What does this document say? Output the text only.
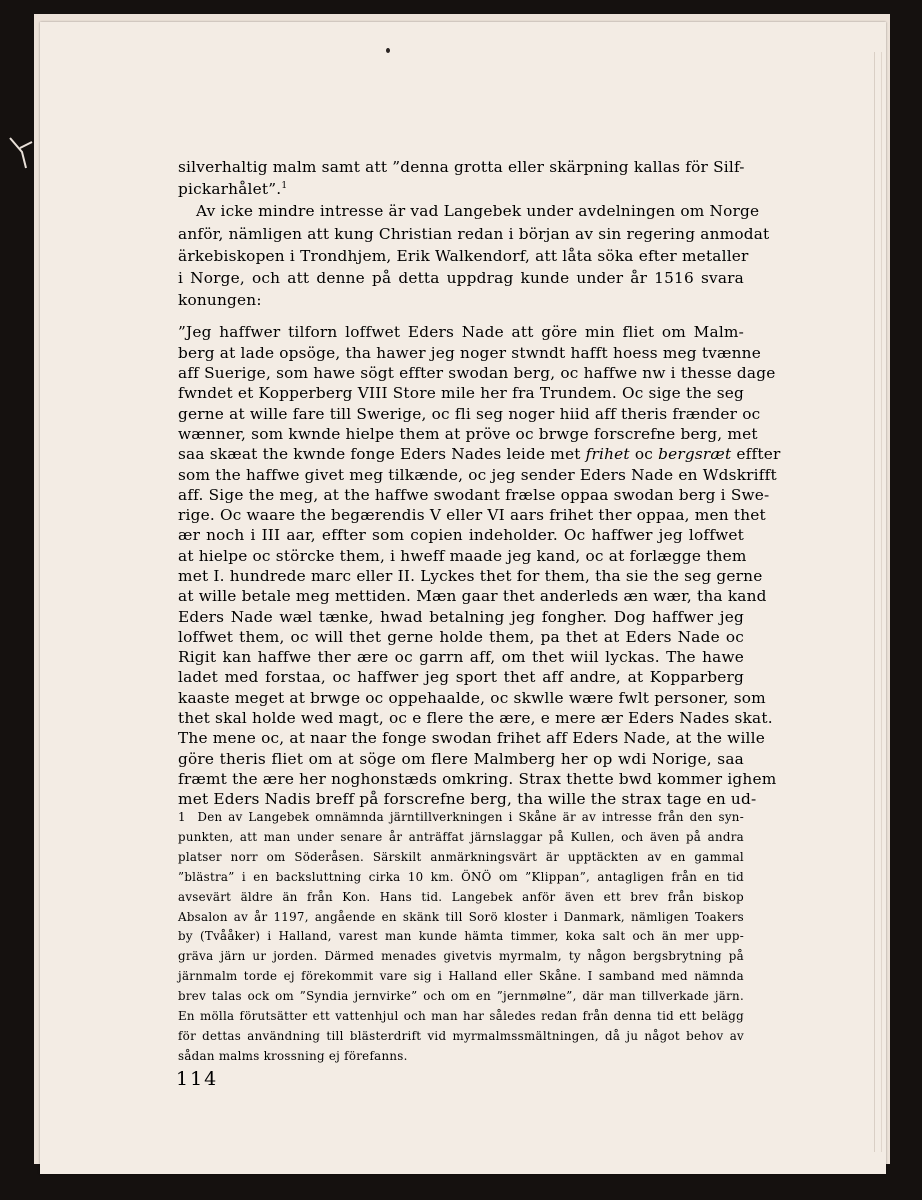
silverhaltig malm samt att ”denna grotta eller skärpning kallas för Silf-
pickarhålet”.$^1$

Av icke mindre intresse är vad Langebek under avdelningen om Norge
anför, nämligen att kung Christian redan i början av sin regering anmodat
ärkebiskopen i Trondhjem, Erik Walkendorf, att låta söka efter metaller
i Norge, och att denne på detta uppdrag kunde under år 1516 svara
konungen:

”Jeg haffwer tilforn loffwet Eders Nade att göre min fliet om Malm-
berg at lade opsöge, tha hawer jeg noger stwndt hafft hoess meg tvænne
aff Suerige, som hawe sögt effter swodan berg, oc haffwe nw i thesse dage
fwndet et Kopperberg VIII Store mile her fra Trundem. Oc sige the seg
gerne at wille fare till Swerige, oc fli seg noger hiid aff theris frænder oc
wænner, som kwnde hielpe them at pröve oc brwge forscrefne berg, met
saa skæat the kwnde fonge Eders Nades leide met frihet oc bergsræt effter
som the haffwe givet meg tilkænde, oc jeg sender Eders Nade en Wdskrifft
aff. Sige the meg, at the haffwe swodant frælse oppaa swodan berg i Swe-
rige. Oc waare the begærendis V eller VI aars frihet ther oppaa, men thet
ær noch i III aar, effter som copien indeholder. Oc haffwer jeg loffwet
at hielpe oc störcke them, i hweff maade jeg kand, oc at forlægge them
met I. hundrede marc eller II. Lyckes thet for them, tha sie the seg gerne
at wille betale meg mettiden. Mæn gaar thet anderleds æn wær, tha kand
Eders Nade wæl tænke, hwad betalning jeg fongher. Dog haffwer jeg
loffwet them, oc will thet gerne holde them, pa thet at Eders Nade oc
Rigit kan haffwe ther ære oc garrn aff, om thet wiil lyckas. The hawe
ladet med forstaa, oc haffwer jeg sport thet aff andre, at Kopparberg
kaaste meget at brwge oc oppehaalde, oc skwlle wære fwlt personer, som
thet skal holde wed magt, oc e flere the ære, e mere ær Eders Nades skat.
The mene oc, at naar the fonge swodan frihet aff Eders Nade, at the wille
göre theris fliet om at söge om flere Malmberg her op wdi Norige, saa
fræmt the ære her noghonstæds omkring. Strax thette bwd kommer ighem
met Eders Nadis breff på forscrefne berg, tha wille the strax tage en ud-
1 Den av Langebek omnämnda järntillverkningen i Skåne är av intresse från den syn-
punkten, att man under senare år anträffat järnslaggar på Kullen, och även på andra
platser norr om Söderåsen. Särskilt anmärkningsvärt är upptäckten av en gammal
”blästra” i en backsluttning cirka 10 km. ÖNÖ om ”Klippan”, antagligen från en tid
avsevärt äldre än från Kon. Hans tid. Langebek anför även ett brev från biskop
Absalon av år 1197, angående en skänk till Sorö kloster i Danmark, nämligen Toakers
by (Tvååker) i Halland, varest man kunde hämta timmer, koka salt och än mer upp-
gräva järn ur jorden. Därmed menades givetvis myrmalm, ty någon bergsbrytning på
järnmalm torde ej förekommit vare sig i Halland eller Skåne. I samband med nämnda
brev talas ock om ”Syndia jernvirke” och om en ”jernmølne”, där man tillverkade järn.
En mölla förutsätter ett vattenhjul och man har således redan från denna tid ett belägg
för dettas användning till blästerdrift vid myrmalmssmältningen, då ju något behov av
sådan malms krossning ej förefanns.
114
